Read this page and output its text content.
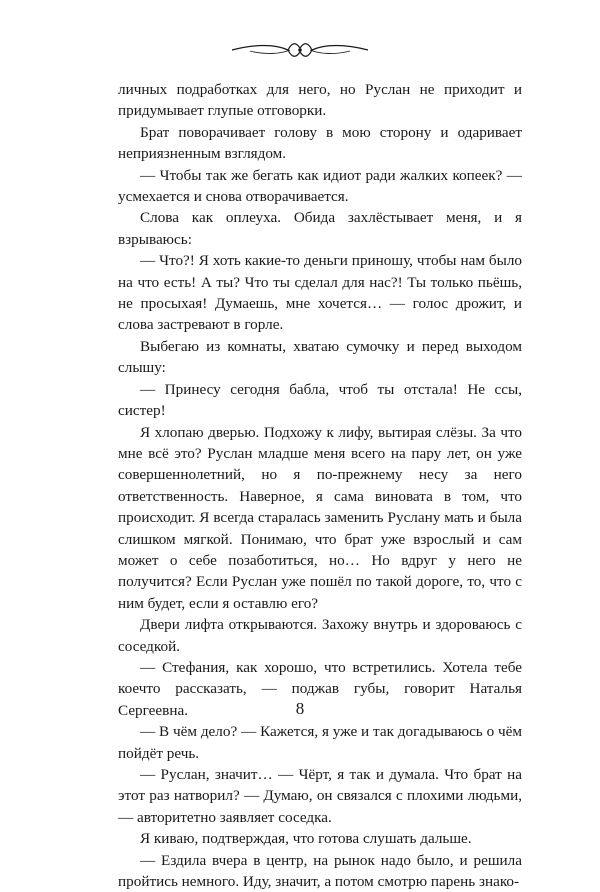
личных подработках для него, но Руслан не приходит и придумывает глупые отговорки.

Брат поворачивает голову в мою сторону и одаривает неприязненным взглядом.

— Чтобы так же бегать как идиот ради жалких копеек? — усмехается и снова отворачивается.

Слова как оплеуха. Обида захлёстывает меня, и я взрываюсь:

— Что?! Я хоть какие-то деньги приношу, чтобы нам было на что есть! А ты? Что ты сделал для нас?! Ты только пьёшь, не просыхая! Думаешь, мне хочется… — голос дрожит, и слова застревают в горле.

Выбегаю из комнаты, хватаю сумочку и перед выходом слышу:

— Принесу сегодня бабла, чтоб ты отстала! Не ссы, систер!

Я хлопаю дверью. Подхожу к лифу, вытирая слёзы. За что мне всё это? Руслан младше меня всего на пару лет, он уже совершеннолетний, но я по-прежнему несу за него ответственность. Наверное, я сама виновата в том, что происходит. Я всегда старалась заменить Руслану мать и была слишком мягкой. Понимаю, что брат уже взрослый и сам может о себе позаботиться, но… Но вдруг у него не получится? Если Руслан уже пошёл по такой дороге, то, что с ним будет, если я оставлю его?

Двери лифта открываются. Захожу внутрь и здороваюсь с соседкой.

— Стефания, как хорошо, что встретились. Хотела тебе коечто рассказать, — поджав губы, говорит Наталья Сергеевна.

— В чём дело? — Кажется, я уже и так догадываюсь о чём пойдёт речь.

— Руслан, значит… — Чёрт, я так и думала. Что брат на этот раз натворил? — Думаю, он связался с плохими людьми, — авторитетно заявляет соседка.

Я киваю, подтверждая, что готова слушать дальше.

— Ездила вчера в центр, на рынок надо было, и решила пройтись немного. Иду, значит, а потом смотрю парень знако-

8
